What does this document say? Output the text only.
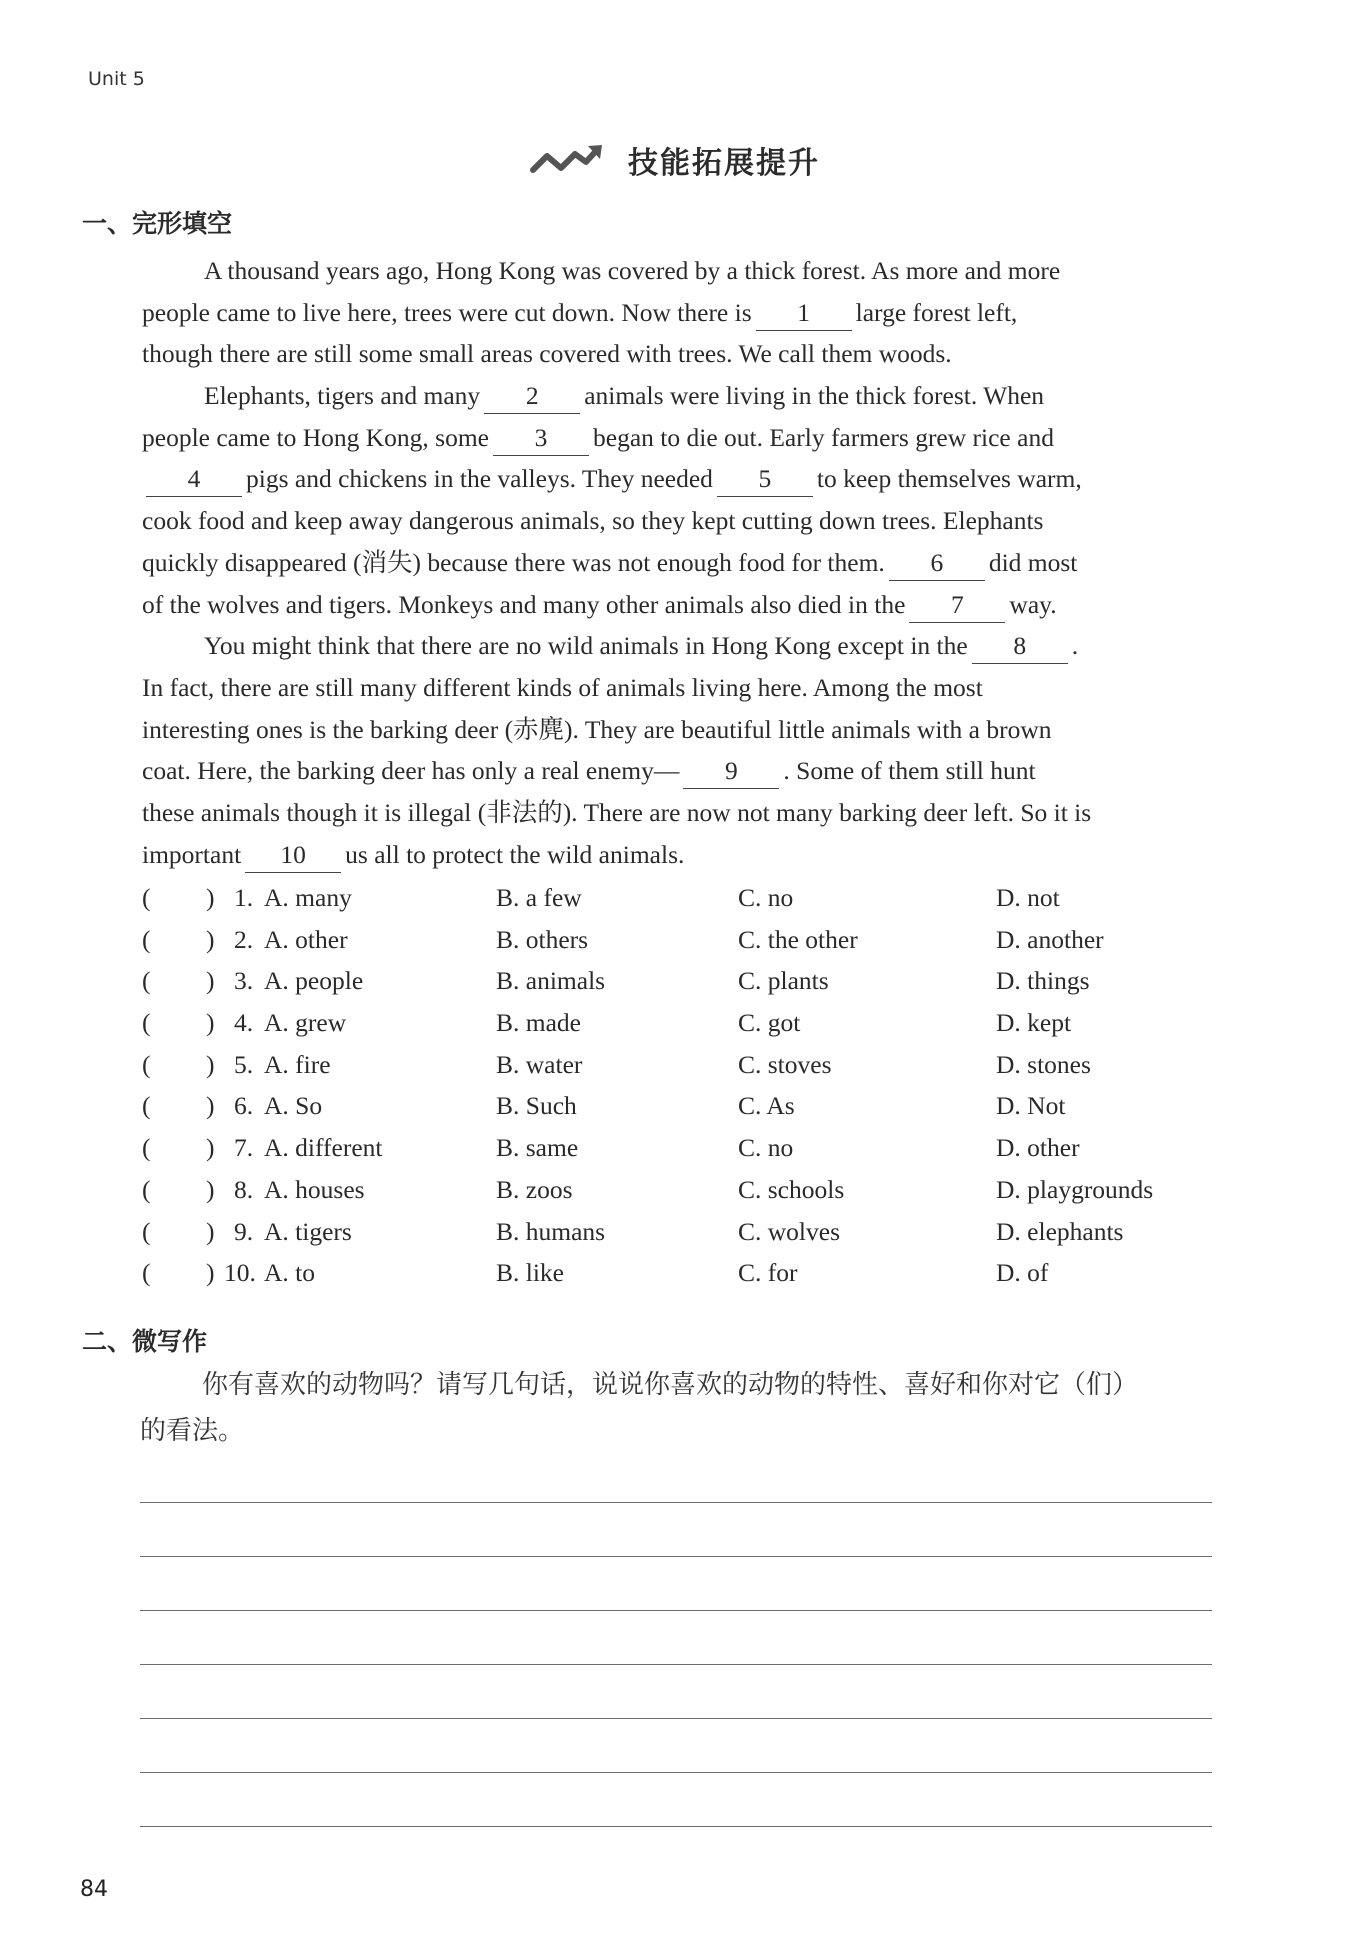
Unit 5
技能拓展提升
一、完形填空
A thousand years ago, Hong Kong was covered by a thick forest. As more and more
people came to live here, trees were cut down. Now there is 1 large forest left,
though there are still some small areas covered with trees. We call them woods.
Elephants, tigers and many 2 animals were living in the thick forest. When
people came to Hong Kong, some 3 began to die out. Early farmers grew rice and
4 pigs and chickens in the valleys. They needed 5 to keep themselves warm,
cook food and keep away dangerous animals, so they kept cutting down trees. Elephants
quickly disappeared (消失) because there was not enough food for them. 6 did most
of the wolves and tigers. Monkeys and many other animals also died in the 7 way.
You might think that there are no wild animals in Hong Kong except in the 8 .
In fact, there are still many different kinds of animals living here. Among the most
interesting ones is the barking deer (赤麂). They are beautiful little animals with a brown
coat. Here, the barking deer has only a real enemy— 9 . Some of them still hunt
these animals though it is illegal (非法的). There are now not many barking deer left. So it is
important 10 us all to protect the wild animals.
( ) 1. A. many	B. a few	C. no	D. not
( ) 2. A. other	B. others	C. the other	D. another
( ) 3. A. people	B. animals	C. plants	D. things
( ) 4. A. grew	B. made	C. got	D. kept
( ) 5. A. fire	B. water	C. stoves	D. stones
( ) 6. A. So	B. Such	C. As	D. Not
( ) 7. A. different	B. same	C. no	D. other
( ) 8. A. houses	B. zoos	C. schools	D. playgrounds
( ) 9. A. tigers	B. humans	C. wolves	D. elephants
( ) 10. A. to	B. like	C. for	D. of
二、微写作
你有喜欢的动物吗？请写几句话，说说你喜欢的动物的特性、喜好和你对它（们）
的看法。
84
